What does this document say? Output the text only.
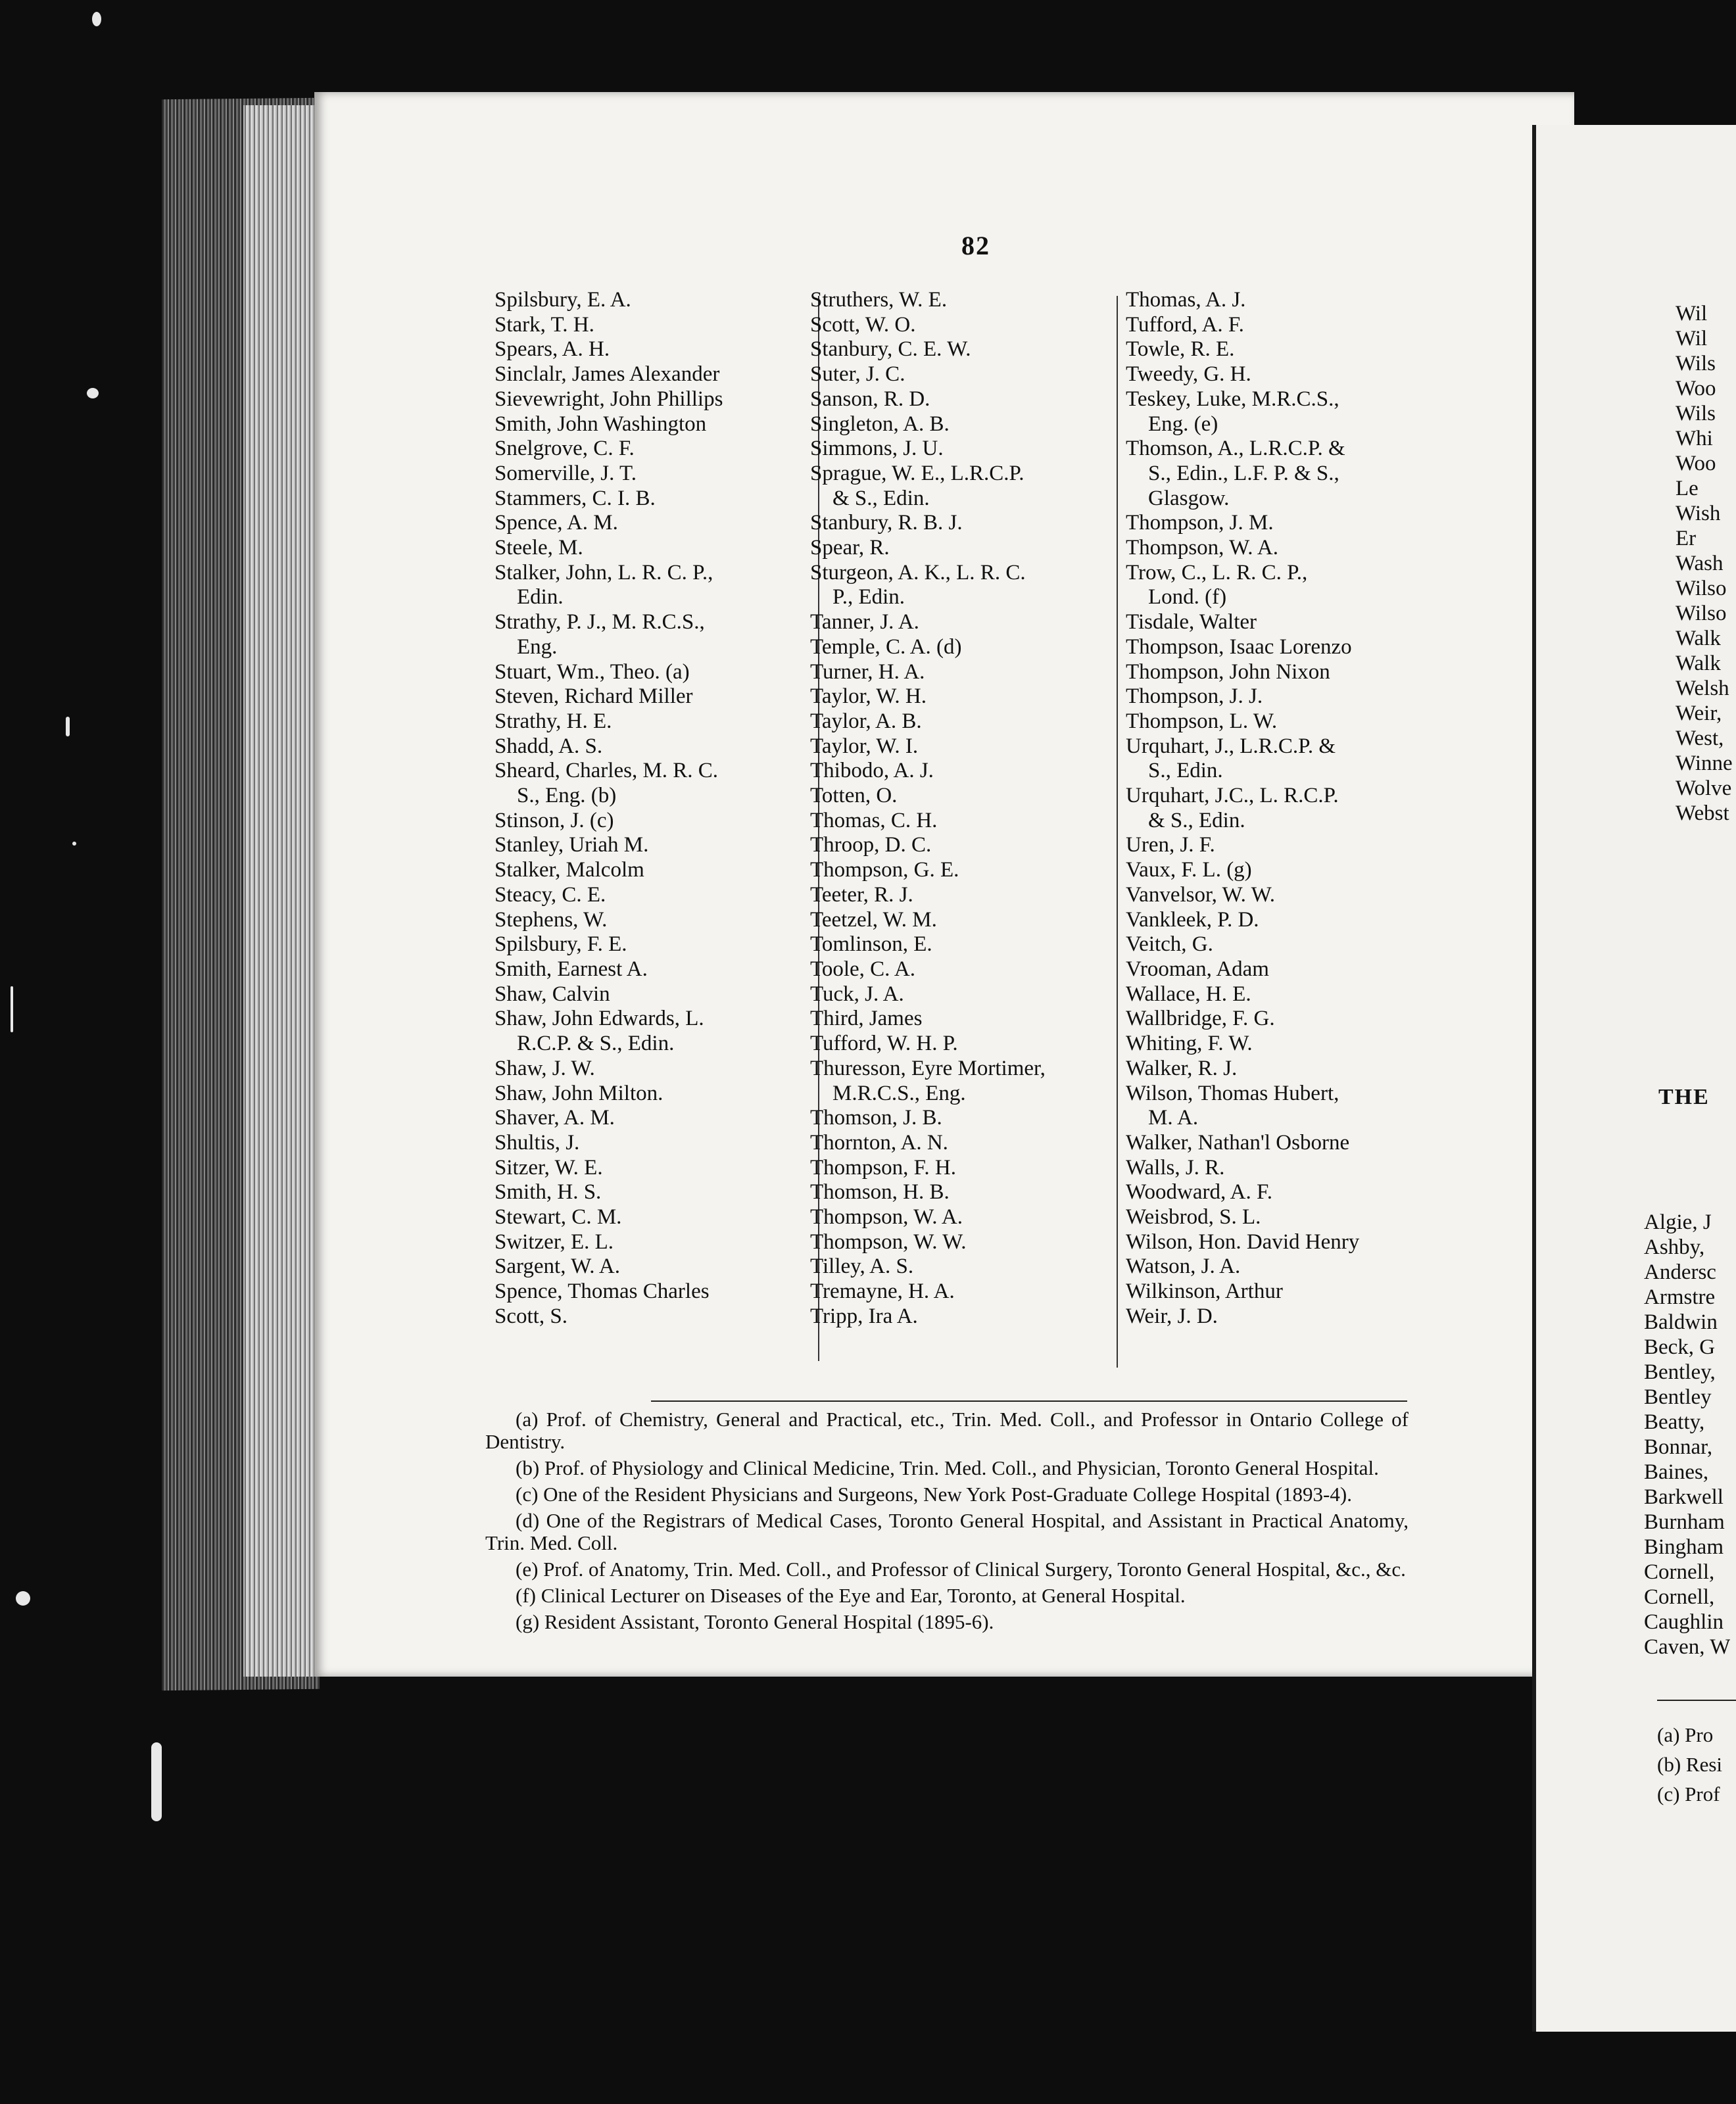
82
Spilsbury, E. A.
Stark, T. H.
Spears, A. H.
Sinclalr, James Alexander
Sievewright, John Phillips
Smith, John Washington
Snelgrove, C. F.
Somerville, J. T.
Stammers, C. I. B.
Spence, A. M.
Steele, M.
Stalker, John, L. R. C. P.,
Edin.
Strathy, P. J., M. R.C.S.,
Eng.
Stuart, Wm., Theo. (a)
Steven, Richard Miller
Strathy, H. E.
Shadd, A. S.
Sheard, Charles, M. R. C.
S., Eng. (b)
Stinson, J. (c)
Stanley, Uriah M.
Stalker, Malcolm
Steacy, C. E.
Stephens, W.
Spilsbury, F. E.
Smith, Earnest A.
Shaw, Calvin
Shaw, John Edwards, L.
R.C.P. & S., Edin.
Shaw, J. W.
Shaw, John Milton.
Shaver, A. M.
Shultis, J.
Sitzer, W. E.
Smith, H. S.
Stewart, C. M.
Switzer, E. L.
Sargent, W. A.
Spence, Thomas Charles
Scott, S.
Struthers, W. E.
Scott, W. O.
Stanbury, C. E. W.
Suter, J. C.
Sanson, R. D.
Singleton, A. B.
Simmons, J. U.
Sprague, W. E., L.R.C.P.
& S., Edin.
Stanbury, R. B. J.
Spear, R.
Sturgeon, A. K., L. R. C.
P., Edin.
Tanner, J. A.
Temple, C. A. (d)
Turner, H. A.
Taylor, W. H.
Taylor, A. B.
Taylor, W. I.
Thibodo, A. J.
Totten, O.
Thomas, C. H.
Throop, D. C.
Thompson, G. E.
Teeter, R. J.
Teetzel, W. M.
Tomlinson, E.
Toole, C. A.
Tuck, J. A.
Third, James
Tufford, W. H. P.
Thuresson, Eyre Mortimer,
M.R.C.S., Eng.
Thomson, J. B.
Thornton, A. N.
Thompson, F. H.
Thomson, H. B.
Thompson, W. A.
Thompson, W. W.
Tilley, A. S.
Tremayne, H. A.
Tripp, Ira A.
Thomas, A. J.
Tufford, A. F.
Towle, R. E.
Tweedy, G. H.
Teskey, Luke, M.R.C.S.,
Eng. (e)
Thomson, A., L.R.C.P. &
S., Edin., L.F. P. & S.,
Glasgow.
Thompson, J. M.
Thompson, W. A.
Trow, C., L. R. C. P.,
Lond. (f)
Tisdale, Walter
Thompson, Isaac Lorenzo
Thompson, John Nixon
Thompson, J. J.
Thompson, L. W.
Urquhart, J., L.R.C.P. &
S., Edin.
Urquhart, J.C., L. R.C.P.
& S., Edin.
Uren, J. F.
Vaux, F. L. (g)
Vanvelsor, W. W.
Vankleek, P. D.
Veitch, G.
Vrooman, Adam
Wallace, H. E.
Wallbridge, F. G.
Whiting, F. W.
Walker, R. J.
Wilson, Thomas Hubert,
M. A.
Walker, Nathan'l Osborne
Walls, J. R.
Woodward, A. F.
Weisbrod, S. L.
Wilson, Hon. David Henry
Watson, J. A.
Wilkinson, Arthur
Weir, J. D.
(a) Prof. of Chemistry, General and Practical, etc., Trin. Med. Coll., and Professor in Ontario College of Dentistry.
(b) Prof. of Physiology and Clinical Medicine, Trin. Med. Coll., and Physician, Toronto General Hospital.
(c) One of the Resident Physicians and Surgeons, New York Post-Graduate College Hospital (1893-4).
(d) One of the Registrars of Medical Cases, Toronto General Hospital, and Assistant in Practical Anatomy, Trin. Med. Coll.
(e) Prof. of Anatomy, Trin. Med. Coll., and Professor of Clinical Surgery, Toronto General Hospital, &c., &c.
(f) Clinical Lecturer on Diseases of the Eye and Ear, Toronto, at General Hospital.
(g) Resident Assistant, Toronto General Hospital (1895-6).
Wil
Wil
Wils
Woo
Wils
Whi
Woo
Le
Wish
Er
Wash
Wilso
Wilso
Walk
Walk
Welsh
Weir,
West,
Winne
Wolve
Webst
THE
Algie, J
Ashby,
Andersc
Armstre
Baldwin
Beck, G
Bentley,
Bentley
Beatty,
Bonnar,
Baines,
Barkwell
Burnham
Bingham
Cornell,
Cornell,
Caughlin
Caven, W
(a) Pro
(b) Resi
(c) Prof
